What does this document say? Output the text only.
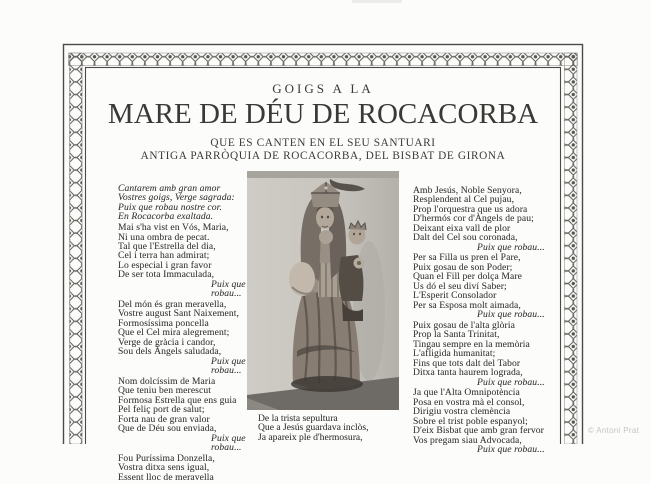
GOIGS A LA
MARE DE DÉU DE ROCACORBA
QUE ES CANTEN EN EL SEU SANTUARI
ANTIGA PARRÒQUIA DE ROCACORBA, DEL BISBAT DE GIRONA
Cantarem amb gran amor
Vostres goigs, Verge sagrada:
Puix que robau nostre cor.
En Rocacorba exaltada.
Mai s'ha vist en Vós, Maria,
Ni una ombra de pecat.
Tal que l'Estrella del dia,
Cel i terra han admirat;
Lo especial i gran favor
De ser tota Immaculada,
Puix que robau...
Del món és gran meravella,
Vostre august Sant Naixement,
Formosíssima poncella
Que el Cel mira alegrement;
Verge de gràcia i candor,
Sou dels Àngels saludada,
Puix que robau...
Nom dolcíssim de Maria
Que teniu ben merescut
Formosa Estrella que ens guia
Pel feliç port de salut;
Forta nau de gran valor
Que de Déu sou enviada,
Puix que robau...
Fou Puríssima Donzella,
Vostra ditxa sens igual,
Essent lloc de meravella
Amb Jesús, Noble Senyora,
Resplendent al Cel pujau,
Prop l'orquestra que us adora
D'hermós cor d'Àngels de pau;
Deixant eixa vall de plor
Dalt del Cel sou coronada,
Puix que robau...
Per sa Filla us pren el Pare,
Puix gosau de son Poder;
Quan el Fill per dolça Mare
Us dó el seu diví Saber;
L'Esperit Consolador
Per sa Esposa molt aimada,
Puix que robau...
Puix gosau de l'alta glòria
Prop la Santa Trinitat,
Tingau sempre en la memòria
L'afligida humanitat;
Fins que tots dalt del Tabor
Ditxa tanta haurem lograda,
Puix que robau...
Ja que l'Alta Omnipotència
Posa en vostra mà el consol,
Dirigiu vostra clemència
Sobre el trist poble espanyol;
D'eix Bisbat que amb gran fervor
Vos pregam siau Advocada,
Puix que robau...
De la trista sepultura
Que a Jesús guardava inclòs,
Ja apareix ple d'hermosura,
© Antoni Prat
